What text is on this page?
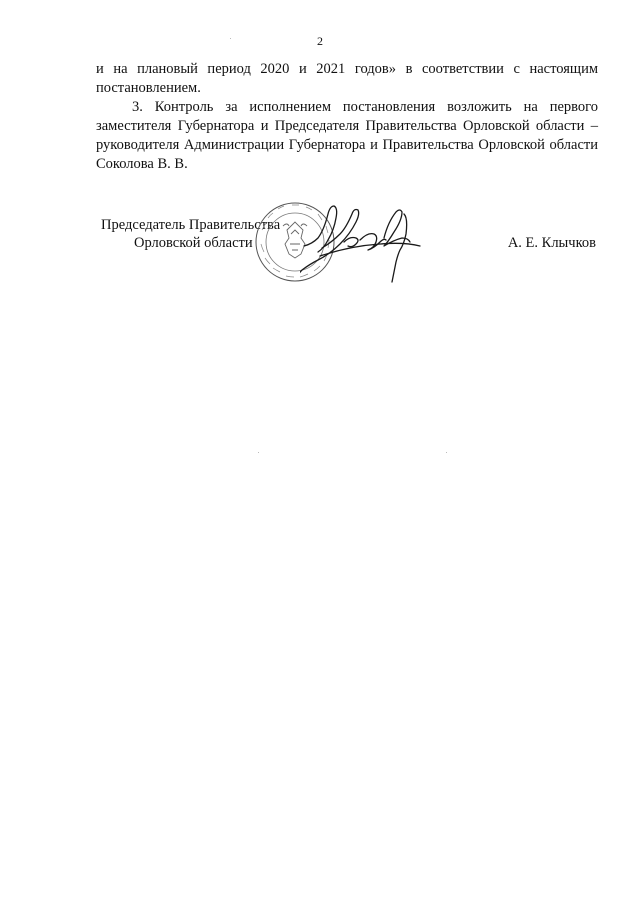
2

и на плановый период 2020 и 2021 годов» в соответствии с настоящим постановлением.

3. Контроль за исполнением постановления возложить на первого заместителя Губернатора и Председателя Правительства Орловской области – руководителя Администрации Губернатора и Правительства Орловской области Соколова В. В.

Председатель Правительства
Орловской области	А. Е. Клычков
